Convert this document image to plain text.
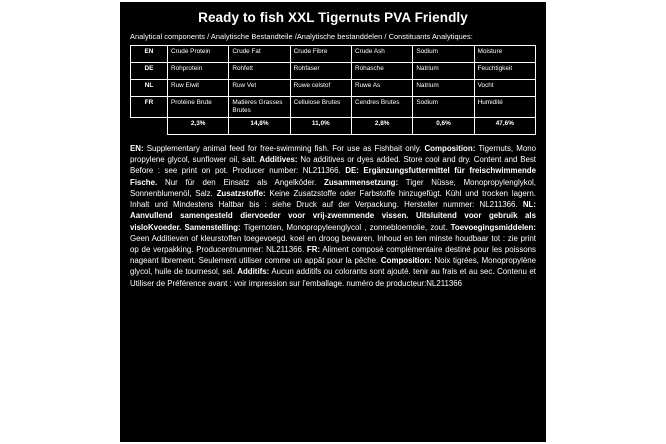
Ready to fish XXL Tigernuts PVA Friendly
Analytical components / Analytische Bestandteile /Analytische bestanddelen / Constituants Analytiques:
EN	Crude Protein	Crude Fat	Crude Fibre	Crude Ash	Sodium	Moisture
DE	Rohprotein	Rohfett	Rohfaser	Rohasche	Natrium	Feuchtigkeit
NL	Ruw Eiwit	Ruw Vet	Ruwe celstof	Ruwe As	Natrium	Vocht
FR	Protéine Brute	Matières Grasses Brutes	Cellulose Brutes	Cendres Brutes	Sodium	Humidité
	2,3%	14,8%	11,0%	2,8%	0,6%	47,6%
EN: Supplementary animal feed for free-swimming fish. For use as Fishbait only. Composition: Tigernuts, Mono propylene glycol, sunflower oil, salt. Additives: No additives or dyes added. Store cool and dry. Content and Best Before : see print on pot. Producer number: NL211366. DE: Ergänzungsfuttermittel für freischwimmende Fische. Nur für den Einsatz als Angelköder. Zusammensetzung: Tiger Nüsse, Monopropylenglykol, Sonnenblumenöl, Salz. Zusatzstoffe: Keine Zusatzstoffe oder Farbstoffe hinzugefügt. Kühl und trocken lagern. Inhalt und Mindestens Haltbar bis : siehe Druck auf der Verpackung. Hersteller nummer: NL211366. NL: Aanvullend samengesteld diervoeder voor vrij-zwemmende vissen. Uitsluitend voor gebruik als visloKvoeder. Samenstelling: Tigernoten, Monopropyleenglycol , zonnebloemolie, zout. Toevoegingsmiddelen: Geen Additieven of kleurstoffen toegevoegd. koel en droog bewaren. Inhoud en ten minste houdbaar tot : zie print op de verpakking. Producentnummer: NL211366. FR: Aliment composé complémentaire destiné pour les poissons nageant librement. Seulement utiliser comme un appât pour la pêche. Composition: Noix tigrées, Monopropylène glycol, huile de tournesol, sel. Additifs: Aucun additifs ou colorants sont ajouté. tenir au frais et au sec. Contenu et Utiliser de Préférence avant : voir impression sur l'emballage. numéro de producteur:NL211366
